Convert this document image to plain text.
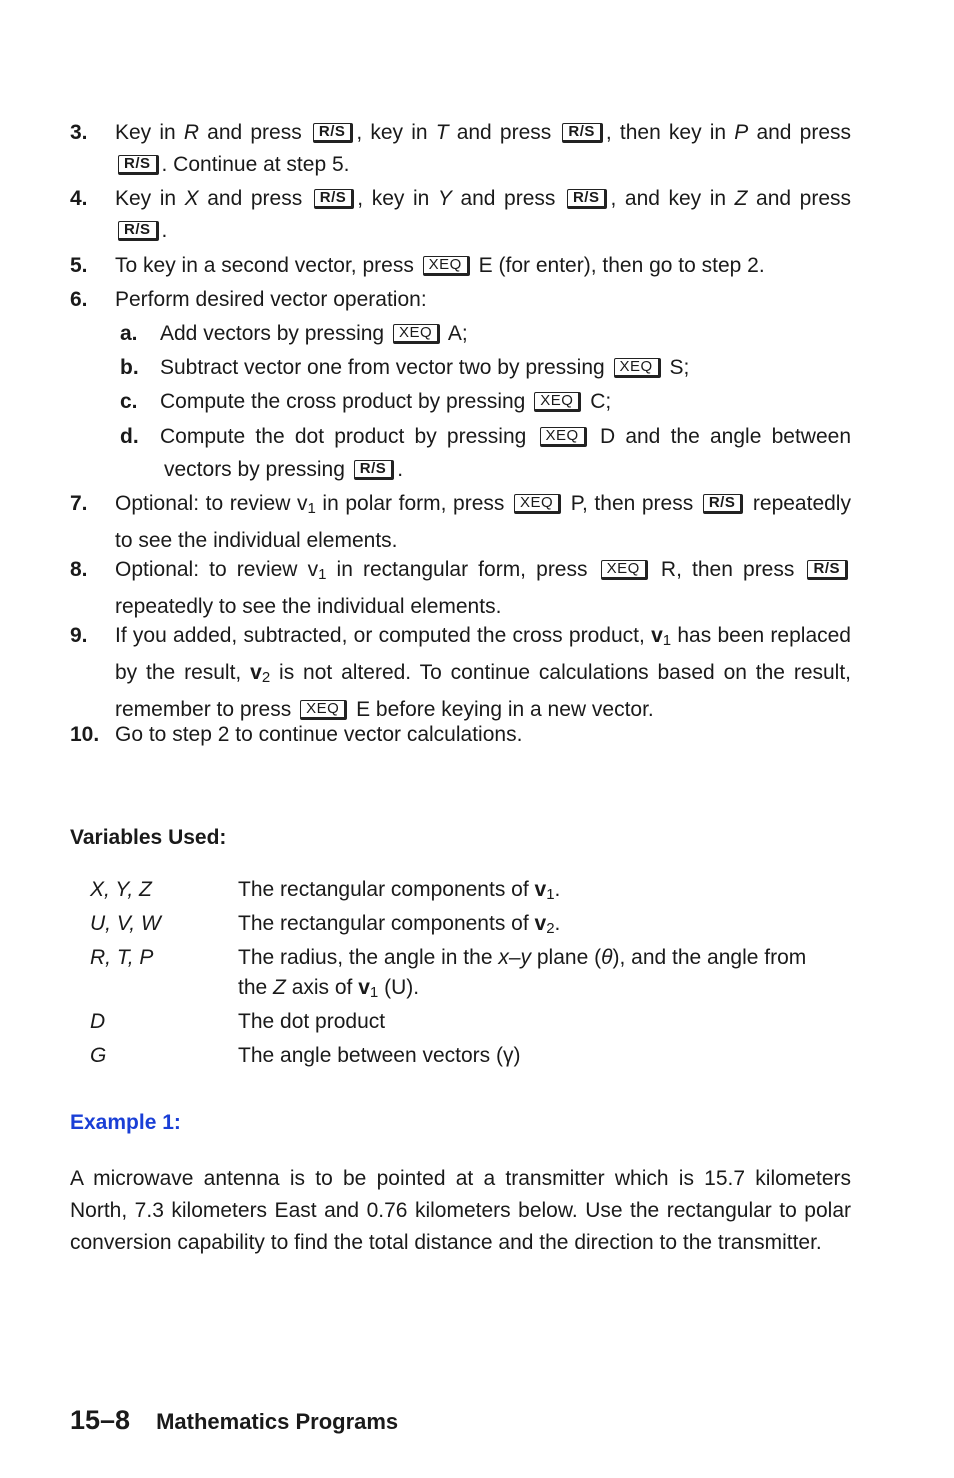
3. Key in R and press R/S , key in T and press R/S , then key in P and press R/S . Continue at step 5.
4. Key in X and press R/S , key in Y and press R/S , and key in Z and press R/S .
5. To key in a second vector, press XEQ E (for enter), then go to step 2.
6. Perform desired vector operation:
a. Add vectors by pressing XEQ A;
b. Subtract vector one from vector two by pressing XEQ S;
c. Compute the cross product by pressing XEQ C;
d. Compute the dot product by pressing XEQ D and the angle between
vectors by pressing R/S .
7. Optional: to review $v_1$ in polar form, press XEQ P, then press R/S repeatedly to see the individual elements.
8. Optional: to review $v_1$ in rectangular form, press XEQ R, then press R/S repeatedly to see the individual elements.
9. If you added, subtracted, or computed the cross product, $v_1$ has been replaced by the result, $v_2$ is not altered. To continue calculations based on the result, remember to press XEQ E before keying in a new vector.
10. Go to step 2 to continue vector calculations.
Variables Used:
X, Y, Z	The rectangular components of $v_1$.
U, V, W	The rectangular components of $v_2$.
R, T, P	The radius, the angle in the x–y plane (θ), and the angle from
the Z axis of $v_1$ (U).
D	The dot product
G	The angle between vectors (γ)
Example 1:
A microwave antenna is to be pointed at a transmitter which is 15.7 kilometers North, 7.3 kilometers East and 0.76 kilometers below. Use the rectangular to polar conversion capability to find the total distance and the direction to the transmitter.
15–8 Mathematics Programs
